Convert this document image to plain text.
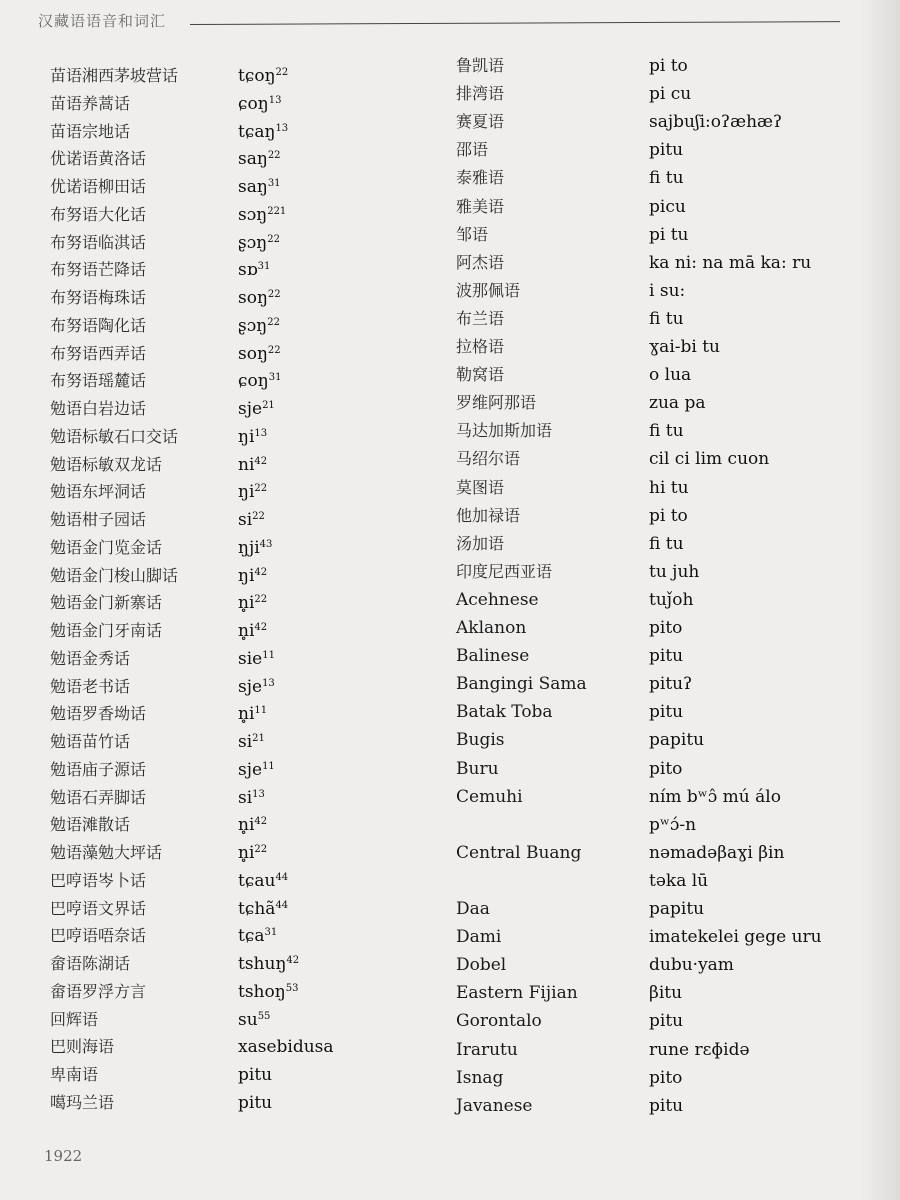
汉藏语语音和词汇
苗语湘西茅坡营话	tɕoŋ$^{22}$
苗语养蒿话	ɕoŋ$^{13}$
苗语宗地话	tɕaŋ$^{13}$
优诺语黄洛话	saŋ$^{22}$
优诺语柳田话	saŋ$^{31}$
布努语大化话	sɔŋ$^{221}$
布努语临淇话	ʂɔŋ$^{22}$
布努语芒降话	sɒ$^{31}$
布努语梅珠话	soŋ$^{22}$
布努语陶化话	ʂɔŋ$^{22}$
布努语西弄话	soŋ$^{22}$
布努语瑶麓话	ɕoŋ$^{31}$
勉语白岩边话	sje$^{21}$
勉语标敏石口交话	$ŋi^{13}$
勉语标敏双龙话	$ni^{42}$
勉语东坪洞话	$ŋi^{22}$
勉语柑子园话	$si^{22}$
勉语金门览金话	ŋji$^{43}$
勉语金门梭山脚话	$ŋi^{42}$
勉语金门新寨话	$n̥i^{22}$
勉语金门牙南话	$n̥i^{42}$
勉语金秀话	sie$^{11}$
勉语老书话	sje$^{13}$
勉语罗香坳话	$n̥i^{11}$
勉语苗竹话	$si^{21}$
勉语庙子源话	sje$^{11}$
勉语石弄脚话	$si^{13}$
勉语滩散话	$n̥i^{42}$
勉语藻勉大坪话	$n̥i^{22}$
巴哼语岑卜话	tɕau$^{44}$
巴哼语文界话	tɕhã$^{44}$
巴哼语唔奈话	tɕa$^{31}$
畲语陈湖话	tshuŋ$^{42}$
畲语罗浮方言	tshoŋ$^{53}$
回辉语	$su^{55}$
巴则海语	xasebidusa
卑南语	pitu
噶玛兰语	pitu
鲁凯语	pi to
排湾语	pi cu
赛夏语	sajbuʃi:oʔæhæʔ
邵语	pitu
泰雅语	fi tu
雅美语	picu
邹语	pi tu
阿杰语	ka ni: na mā ka: ru
波那佩语	i su:
布兰语	fi tu
拉格语	ɣai-bi tu
勒窝语	o lua
罗维阿那语	zua pa
马达加斯加语	fi tu
马绍尔语	cil ci lim cuon
莫图语	hi tu
他加禄语	pi to
汤加语	fi tu
印度尼西亚语	tu juh
Acehnese	tuǰoh
Aklanon	pito
Balinese	pitu
Bangingi Sama	pituʔ
Batak Toba	pitu
Bugis	papitu
Buru	pito
Cemuhi	ním bʷɔ̂ mú álo
pʷɔ́-n
Central Buang	nəmadəβaɣi βin
təka lū
Daa	papitu
Dami	imatekelei gege uru
Dobel	dubu·yam
Eastern Fijian	βitu
Gorontalo	pitu
Irarutu	rune rɛɸidə
Isnag	pito
Javanese	pitu
1922
